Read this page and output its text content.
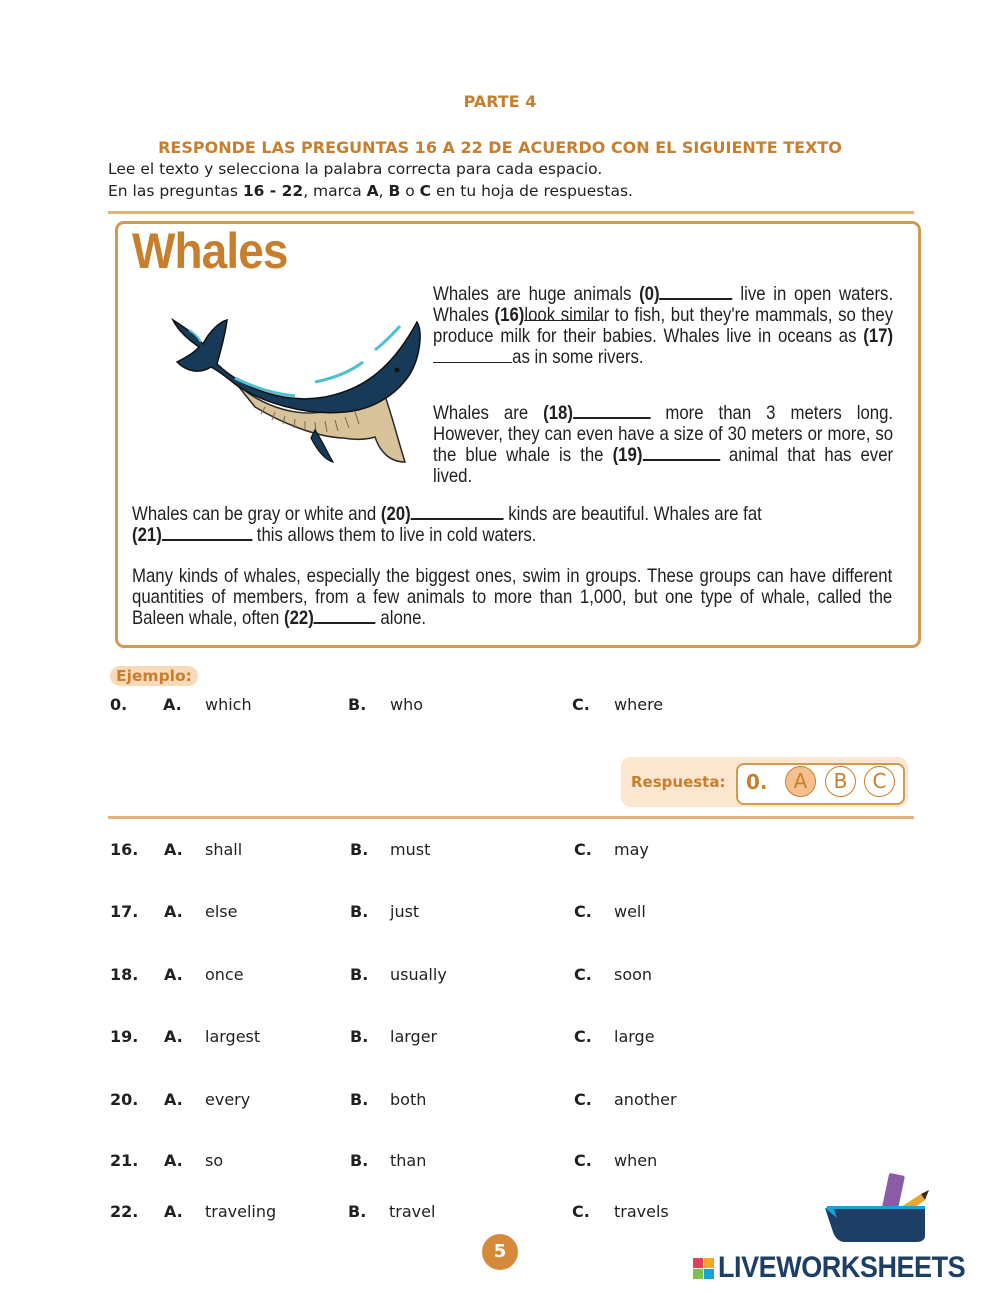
PARTE 4
RESPONDE LAS PREGUNTAS 16 A 22 DE ACUERDO CON EL SIGUIENTE TEXTO
Lee el texto y selecciona la palabra correcta para cada espacio.
En las preguntas 16 - 22, marca A, B o C en tu hoja de respuestas.
Whales
Whales are huge animals (0)	live in open waters. Whales (16)look similar to fish, but they're mammals, so they produce milk for their babies. Whales live in oceans as (17)as in some rivers.
Whales are (18)	more than 3 meters long. However, they can even have a size of 30 meters or more, so the blue whale is the (19)	animal that has ever lived.
Whales can be gray or white and (20)	kinds are beautiful. Whales are fat
(21)	this allows them to live in cold waters.
Many kinds of whales, especially the biggest ones, swim in groups. These groups can have different quantities of members, from a few animals to more than 1,000, but one type of whale, called the Baleen whale, often (22)	alone.
Ejemplo:
0. A. which	B. who	C. where
Respuesta: 0.	A	B	C
16. A. shall	B. must	C. may
17. A. else	B. just	C. well
18. A. once	B. usually	C. soon
19. A. largest	B. larger	C. large
20. A. every	B. both	C. another
21. A. so	B. than	C. when
22. A. traveling	B. travel	C. travels
5	LIVEWORKSHEETS
